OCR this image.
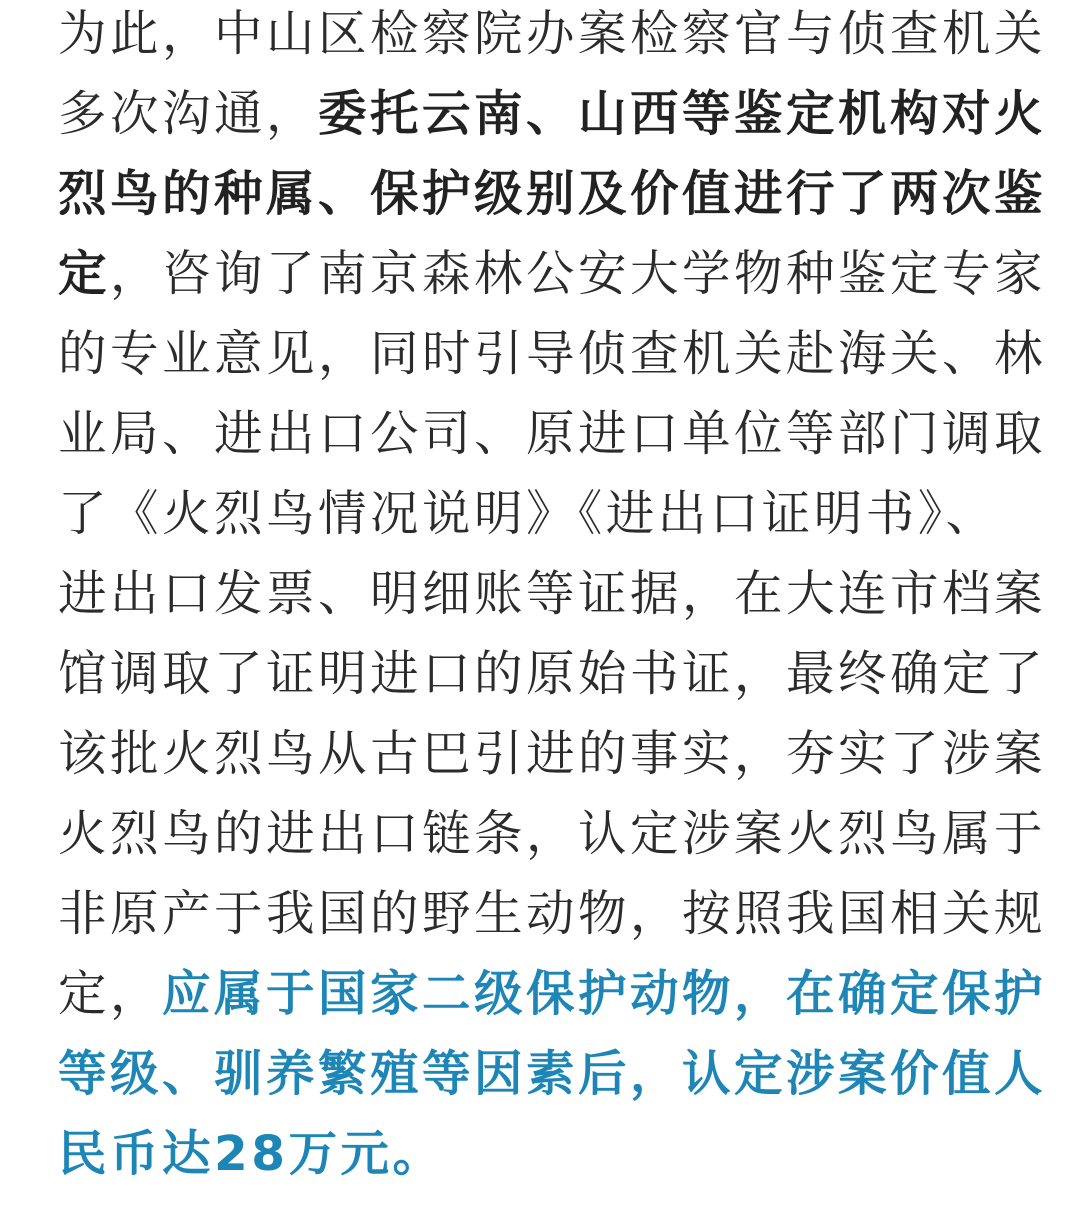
为此，中山区检察院办案检察官与侦查机关
多次沟通，委托云南、山西等鉴定机构对火
烈鸟的种属、保护级别及价值进行了两次鉴
定，咨询了南京森林公安大学物种鉴定专家
的专业意见，同时引导侦查机关赴海关、林
业局、进出口公司、原进口单位等部门调取
了《火烈鸟情况说明》《进出口证明书》、
进出口发票、明细账等证据，在大连市档案
馆调取了证明进口的原始书证，最终确定了
该批火烈鸟从古巴引进的事实，夯实了涉案
火烈鸟的进出口链条，认定涉案火烈鸟属于
非原产于我国的野生动物，按照我国相关规
定，应属于国家二级保护动物，在确定保护
等级、驯养繁殖等因素后，认定涉案价值人
民币达28万元。
